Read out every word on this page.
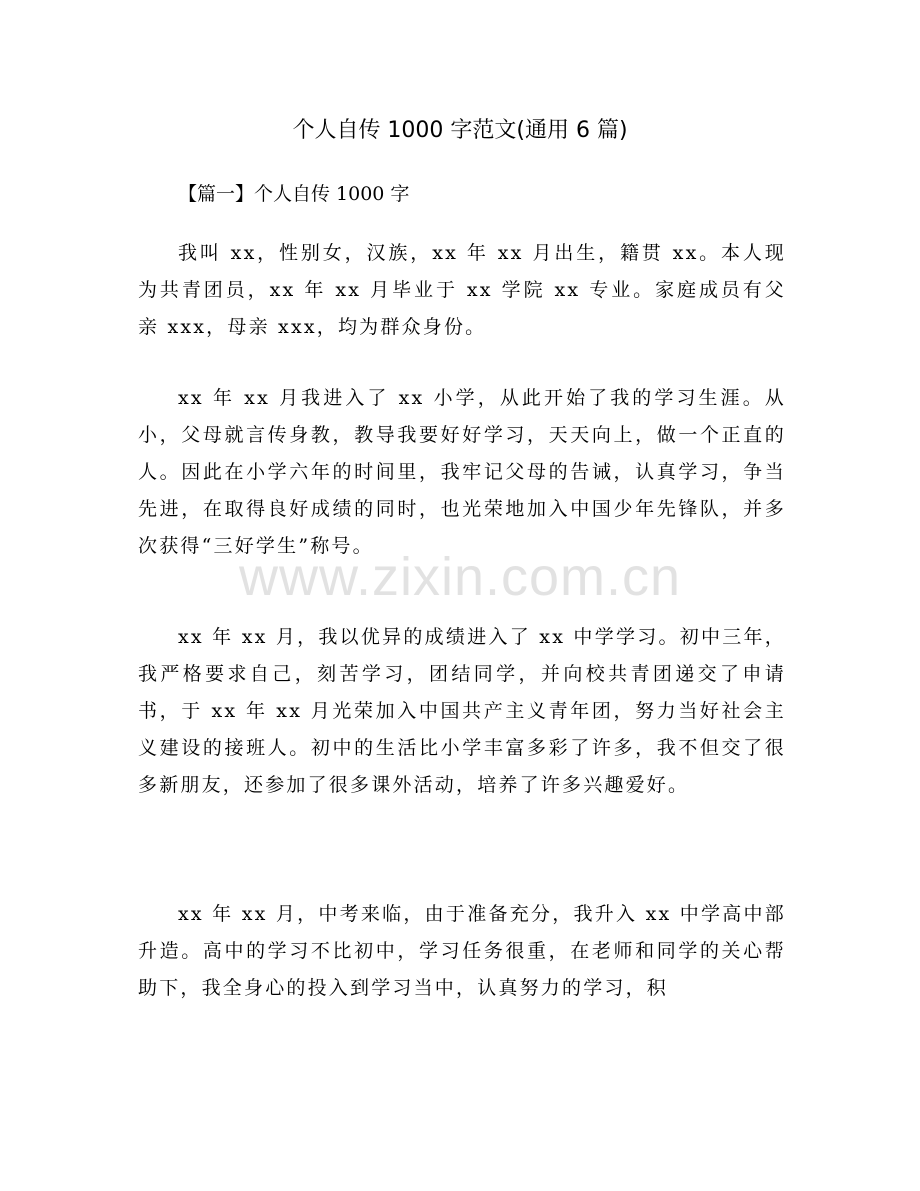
个人自传 1000 字范文(通用 6 篇)
【篇一】个人自传 1000 字

我叫 xx，性别女，汉族，xx 年 xx 月出生，籍贯 xx。本人现为共青团员，xx 年 xx 月毕业于 xx 学院 xx 专业。家庭成员有父亲 xxx，母亲 xxx，均为群众身份。

xx 年 xx 月我进入了 xx 小学，从此开始了我的学习生涯。从小，父母就言传身教，教导我要好好学习，天天向上，做一个正直的人。因此在小学六年的时间里，我牢记父母的告诫，认真学习，争当先进，在取得良好成绩的同时，也光荣地加入中国少年先锋队，并多次获得“三好学生”称号。

xx 年 xx 月，我以优异的成绩进入了 xx 中学学习。初中三年，我严格要求自己，刻苦学习，团结同学，并向校共青团递交了申请书，于 xx 年 xx 月光荣加入中国共产主义青年团，努力当好社会主义建设的接班人。初中的生活比小学丰富多彩了许多，我不但交了很多新朋友，还参加了很多课外活动，培养了许多兴趣爱好。

xx 年 xx 月，中考来临，由于准备充分，我升入 xx 中学高中部升造。高中的学习不比初中，学习任务很重，在老师和同学的关心帮助下，我全身心的投入到学习当中，认真努力的学习，积

www.zixin.com.cn
